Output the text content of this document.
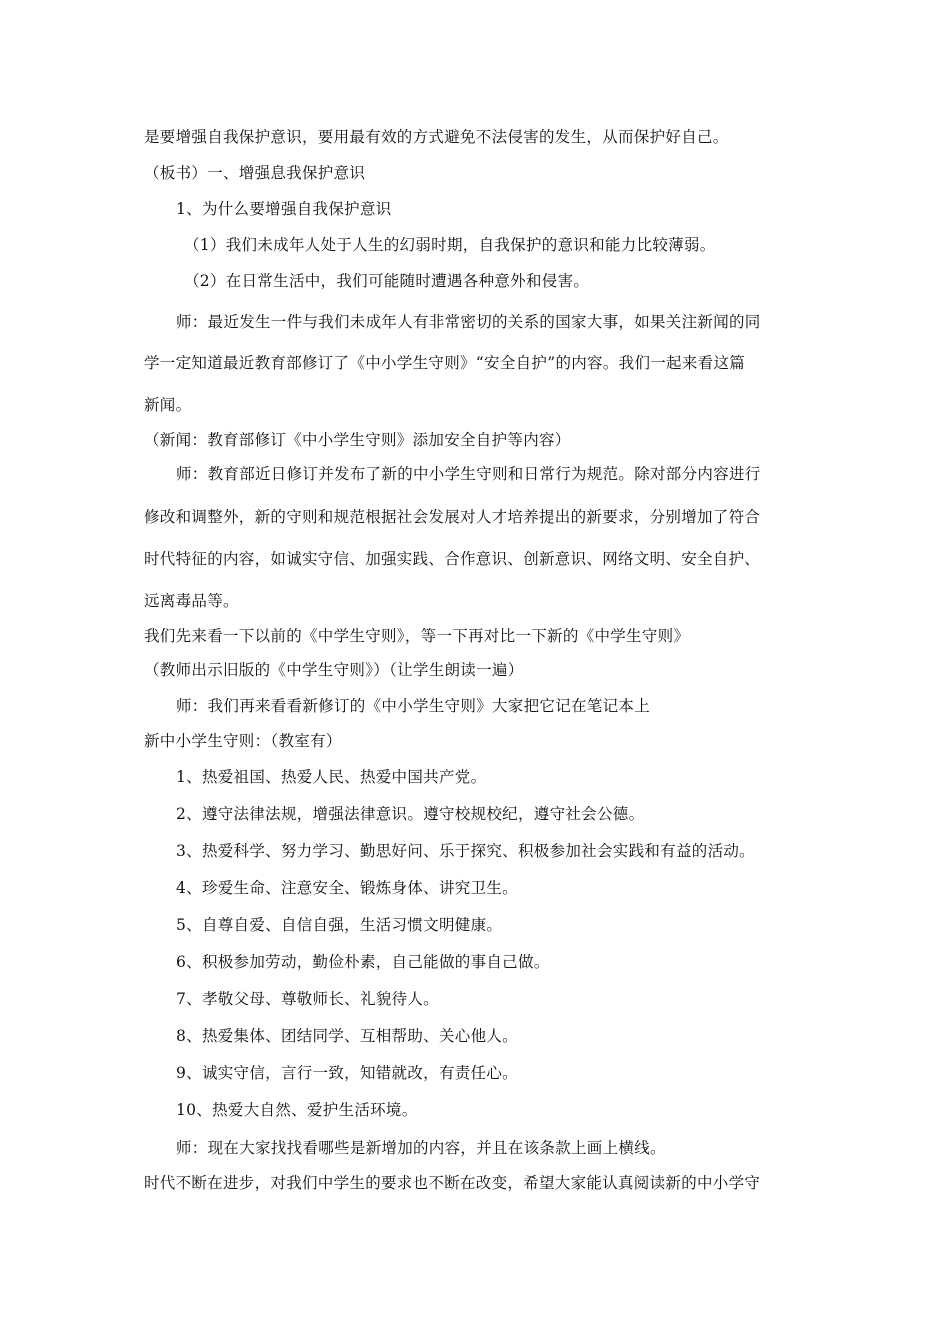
是要增强自我保护意识，要用最有效的方式避免不法侵害的发生，从而保护好自己。
（板书）一、增强息我保护意识
1、为什么要增强自我保护意识
（1）我们未成年人处于人生的幻弱时期，自我保护的意识和能力比较薄弱。
（2）在日常生活中，我们可能随时遭遇各种意外和侵害。
师：最近发生一件与我们未成年人有非常密切的关系的国家大事，如果关注新闻的同
学一定知道最近教育部修订了《中小学生守则》“安全自护”的内容。我们一起来看这篇
新闻。
（新闻：教育部修订《中小学生守则》添加安全自护等内容）
师：教育部近日修订并发布了新的中小学生守则和日常行为规范。除对部分内容进行
修改和调整外，新的守则和规范根据社会发展对人才培养提出的新要求，分别增加了符合
时代特征的内容，如诚实守信、加强实践、合作意识、创新意识、网络文明、安全自护、
远离毒品等。
我们先来看一下以前的《中学生守则》，等一下再对比一下新的《中学生守则》
（教师出示旧版的《中学生守则》）（让学生朗读一遍）
师：我们再来看看新修订的《中小学生守则》大家把它记在笔记本上
新中小学生守则：（教室有）
1、热爱祖国、热爱人民、热爱中国共产党。
2、遵守法律法规，增强法律意识。遵守校规校纪，遵守社会公德。
3、热爱科学、努力学习、勤思好问、乐于探究、积极参加社会实践和有益的活动。
4、珍爱生命、注意安全、锻炼身体、讲究卫生。
5、自尊自爱、自信自强，生活习惯文明健康。
6、积极参加劳动，勤俭朴素，自己能做的事自己做。
7、孝敬父母、尊敬师长、礼貌待人。
8、热爱集体、团结同学、互相帮助、关心他人。
9、诚实守信，言行一致，知错就改，有责任心。
10、热爱大自然、爱护生活环境。
师：现在大家找找看哪些是新增加的内容，并且在该条款上画上横线。
时代不断在进步，对我们中学生的要求也不断在改变，希望大家能认真阅读新的中小学守
